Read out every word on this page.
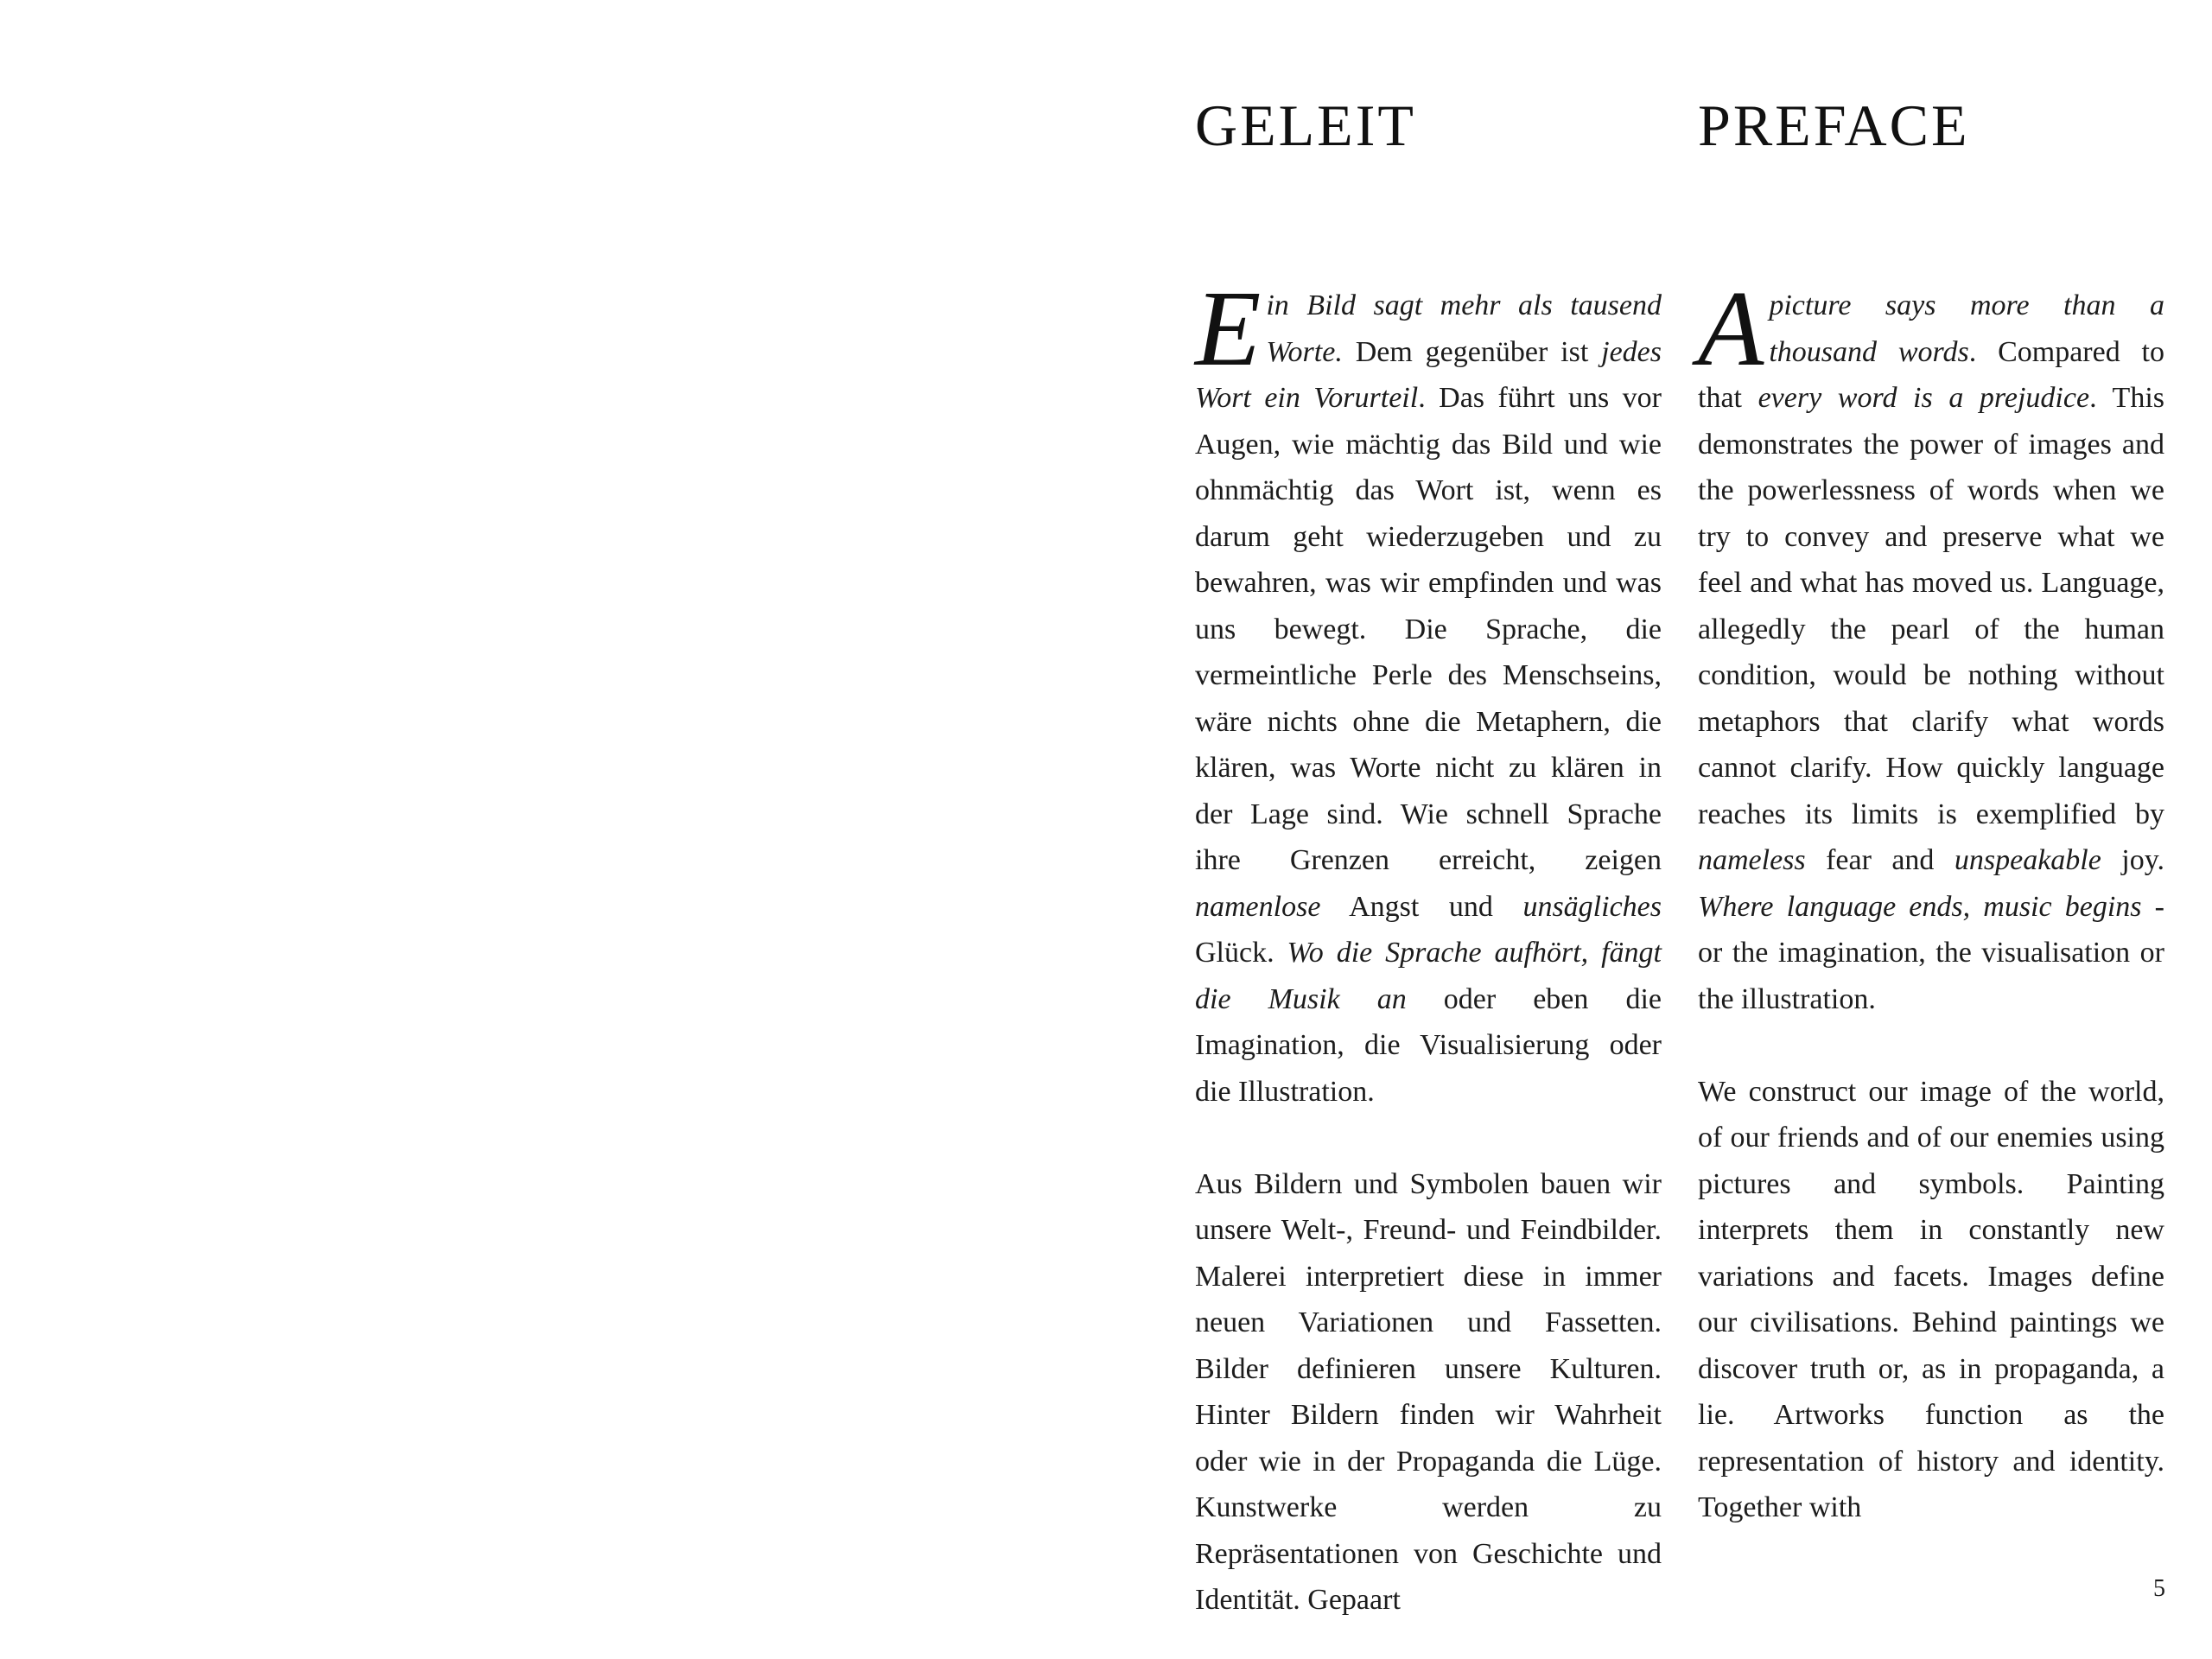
GELEIT

Ein Bild sagt mehr als tausend Worte. Dem gegenüber ist jedes Wort ein Vorurteil. Das führt uns vor Augen, wie mächtig das Bild und wie ohnmächtig das Wort ist, wenn es darum geht wiederzugeben und zu bewahren, was wir empfinden und was uns bewegt. Die Sprache, die vermeintliche Perle des Menschseins, wäre nichts ohne die Metaphern, die klären, was Worte nicht zu klären in der Lage sind. Wie schnell Sprache ihre Grenzen erreicht, zeigen namenlose Angst und unsägliches Glück. Wo die Sprache aufhört, fängt die Musik an oder eben die Imagination, die Visualisierung oder die Illustration.

Aus Bildern und Symbolen bauen wir unsere Welt-, Freund- und Feindbilder. Malerei interpretiert diese in immer neuen Variationen und Fassetten. Bilder definieren unsere Kulturen. Hinter Bildern finden wir Wahrheit oder wie in der Propaganda die Lüge. Kunstwerke werden zu Repräsentationen von Geschichte und Identität. Gepaart

PREFACE

A picture says more than a thousand words. Compared to that every word is a prejudice. This demonstrates the power of images and the powerlessness of words when we try to convey and preserve what we feel and what has moved us. Language, allegedly the pearl of the human condition, would be nothing without metaphors that clarify what words cannot clarify. How quickly language reaches its limits is exemplified by nameless fear and unspeakable joy. Where language ends, music begins - or the imagination, the visualisation or the illustration.

We construct our image of the world, of our friends and of our enemies using pictures and symbols. Painting interprets them in constantly new variations and facets. Images define our civilisations. Behind paintings we discover truth or, as in propaganda, a lie. Artworks function as the representation of history and identity. Together with

5
